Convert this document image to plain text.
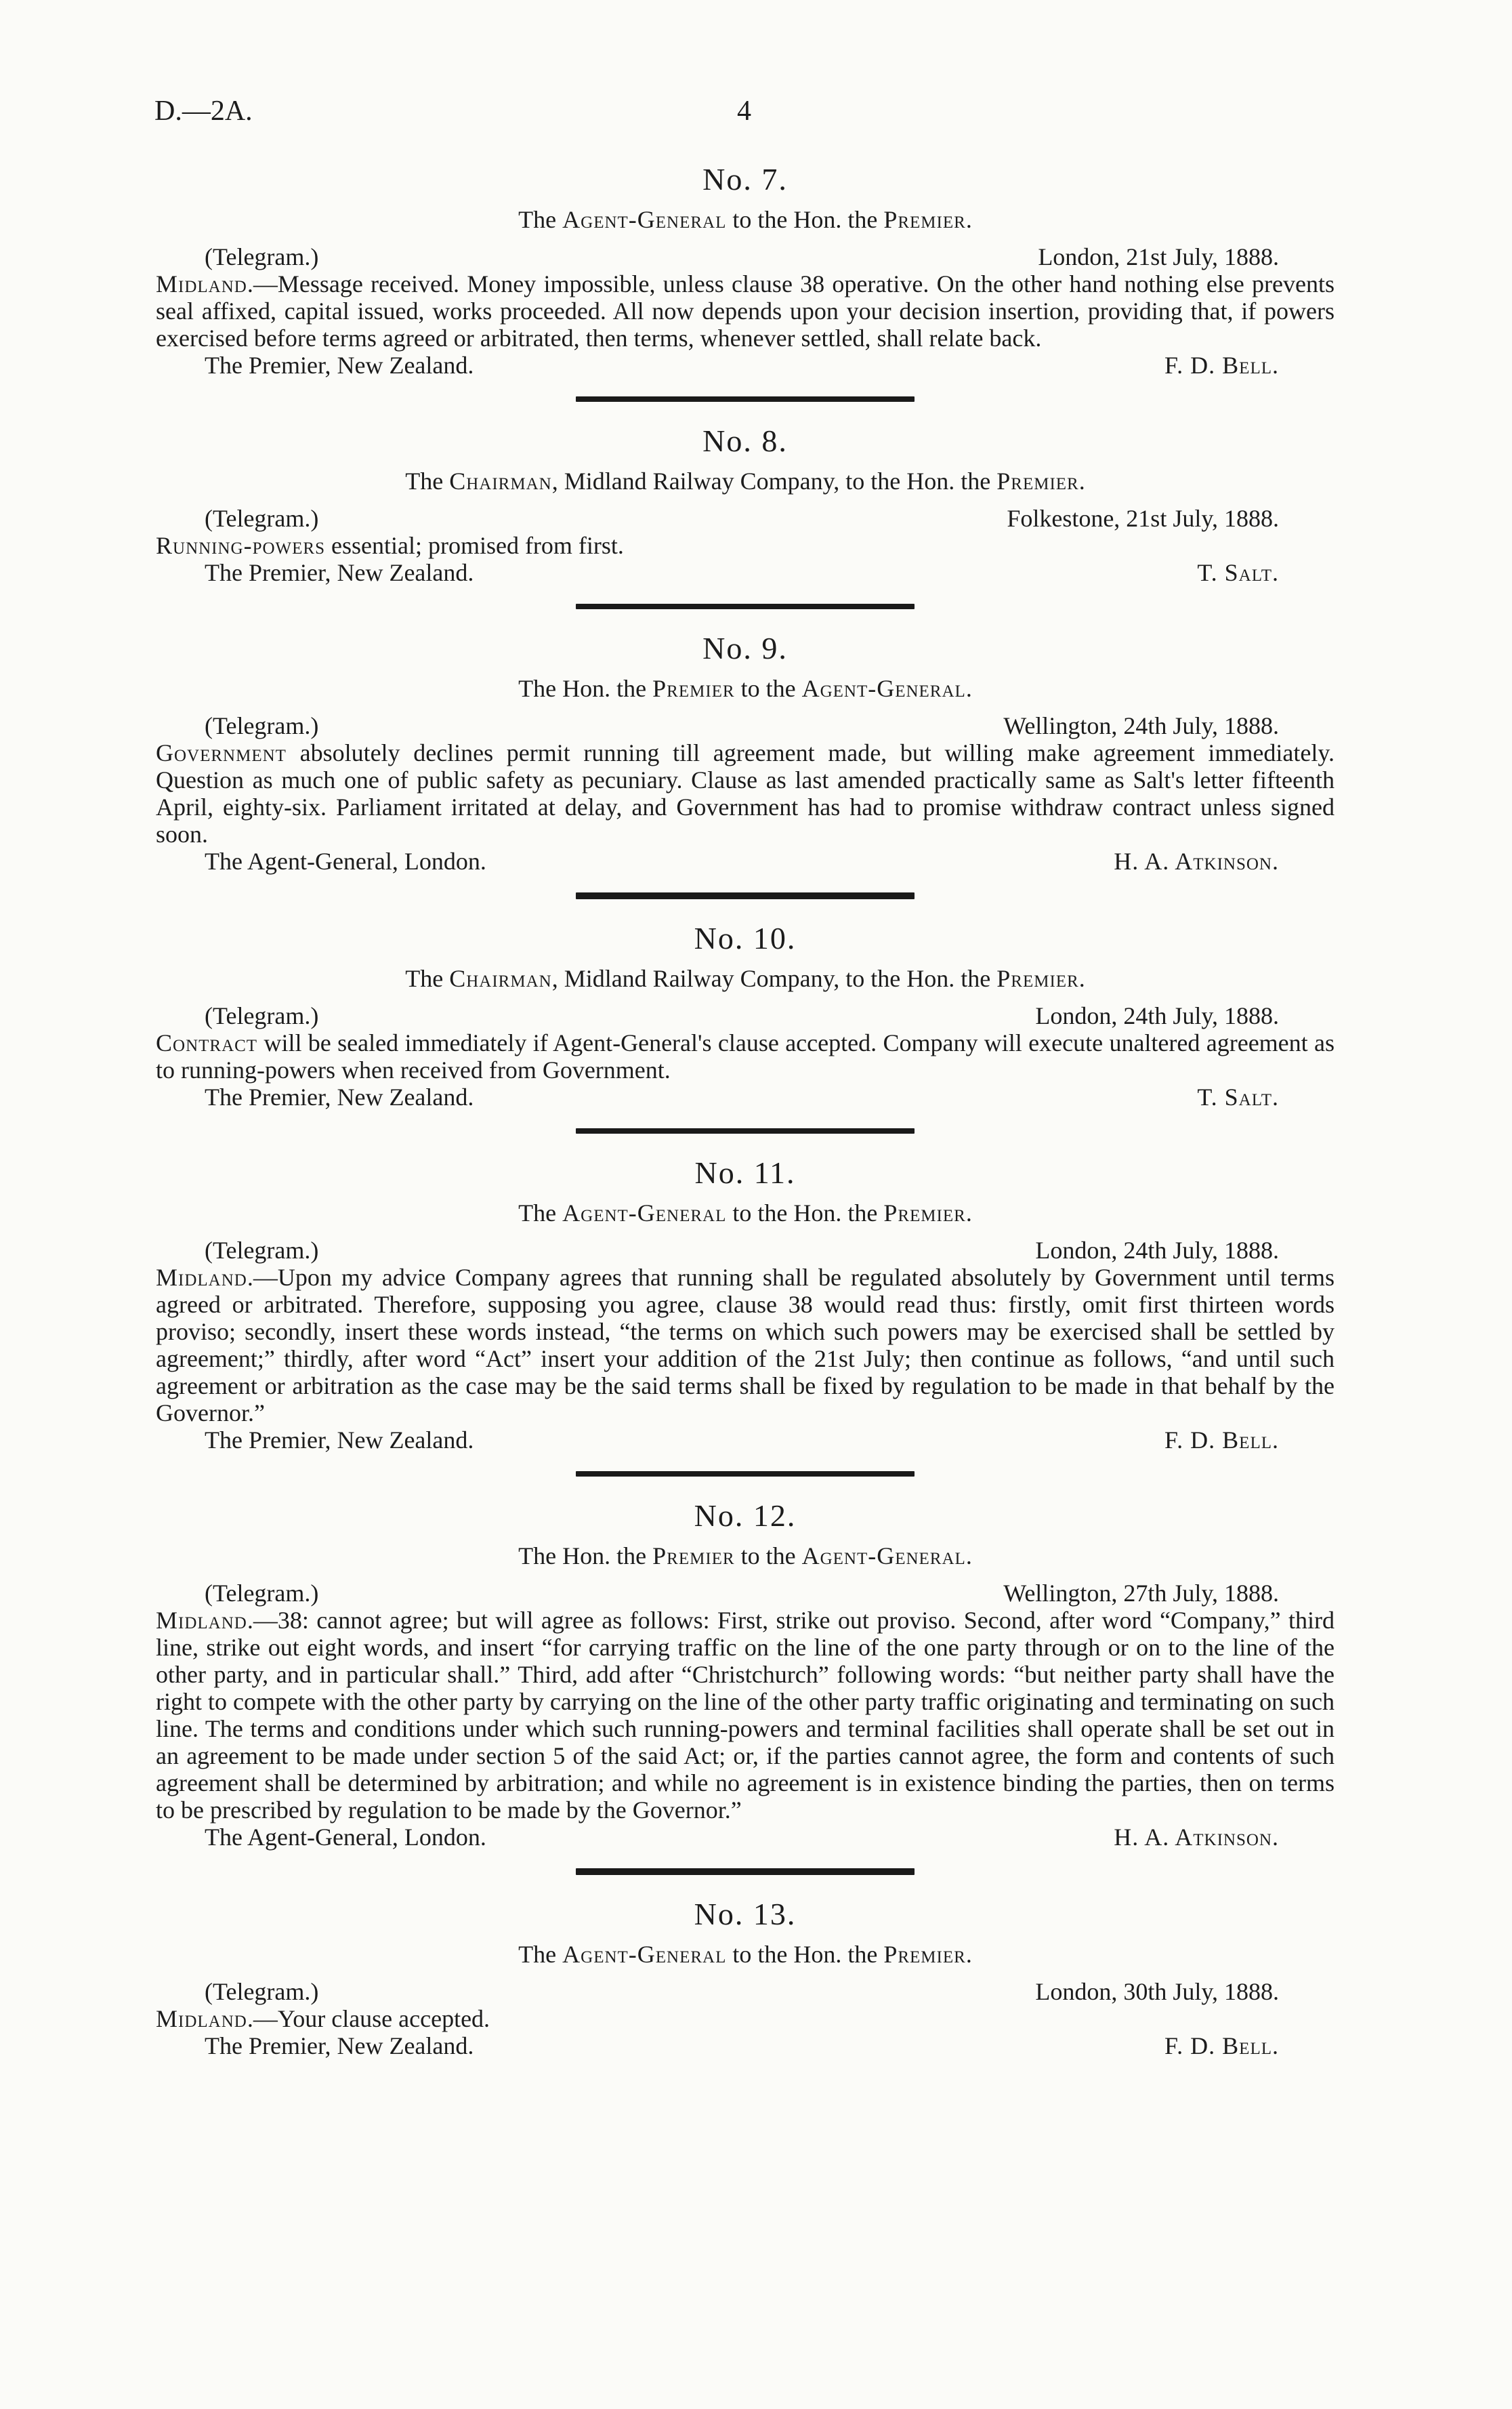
D.—2A.	4
No. 7.
The Agent-General to the Hon. the Premier.
(Telegram.)	London, 21st July, 1888.

Midland.—Message received. Money impossible, unless clause 38 operative. On the other hand nothing else prevents seal affixed, capital issued, works proceeded. All now depends upon your decision insertion, providing that, if powers exercised before terms agreed or arbitrated, then terms, whenever settled, shall relate back.

The Premier, New Zealand.	F. D. Bell.
No. 8.
The Chairman, Midland Railway Company, to the Hon. the Premier.
(Telegram.)	Folkestone, 21st July, 1888.

Running-powers essential; promised from first.

The Premier, New Zealand.	T. Salt.
No. 9.
The Hon. the Premier to the Agent-General.
(Telegram.)	Wellington, 24th July, 1888.

Government absolutely declines permit running till agreement made, but willing make agreement immediately. Question as much one of public safety as pecuniary. Clause as last amended practically same as Salt's letter fifteenth April, eighty-six. Parliament irritated at delay, and Government has had to promise withdraw contract unless signed soon.

The Agent-General, London.	H. A. Atkinson.
No. 10.
The Chairman, Midland Railway Company, to the Hon. the Premier.
(Telegram.)	London, 24th July, 1888.

Contract will be sealed immediately if Agent-General's clause accepted. Company will execute unaltered agreement as to running-powers when received from Government.

The Premier, New Zealand.	T. Salt.
No. 11.
The Agent-General to the Hon. the Premier.
(Telegram.)	London, 24th July, 1888.

Midland.—Upon my advice Company agrees that running shall be regulated absolutely by Government until terms agreed or arbitrated. Therefore, supposing you agree, clause 38 would read thus: firstly, omit first thirteen words proviso; secondly, insert these words instead, “the terms on which such powers may be exercised shall be settled by agreement;” thirdly, after word “Act” insert your addition of the 21st July; then continue as follows, “and until such agreement or arbitration as the case may be the said terms shall be fixed by regulation to be made in that behalf by the Governor.”

The Premier, New Zealand.	F. D. Bell.
No. 12.
The Hon. the Premier to the Agent-General.
(Telegram.)	Wellington, 27th July, 1888.

Midland.—38: cannot agree; but will agree as follows: First, strike out proviso. Second, after word “Company,” third line, strike out eight words, and insert “for carrying traffic on the line of the one party through or on to the line of the other party, and in particular shall.” Third, add after “Christchurch” following words: “but neither party shall have the right to compete with the other party by carrying on the line of the other party traffic originating and terminating on such line. The terms and conditions under which such running-powers and terminal facilities shall operate shall be set out in an agreement to be made under section 5 of the said Act; or, if the parties cannot agree, the form and contents of such agreement shall be determined by arbitration; and while no agreement is in existence binding the parties, then on terms to be prescribed by regulation to be made by the Governor.”

The Agent-General, London.	H. A. Atkinson.
No. 13.
The Agent-General to the Hon. the Premier.
(Telegram.)	London, 30th July, 1888.

Midland.—Your clause accepted.

The Premier, New Zealand.	F. D. Bell.
